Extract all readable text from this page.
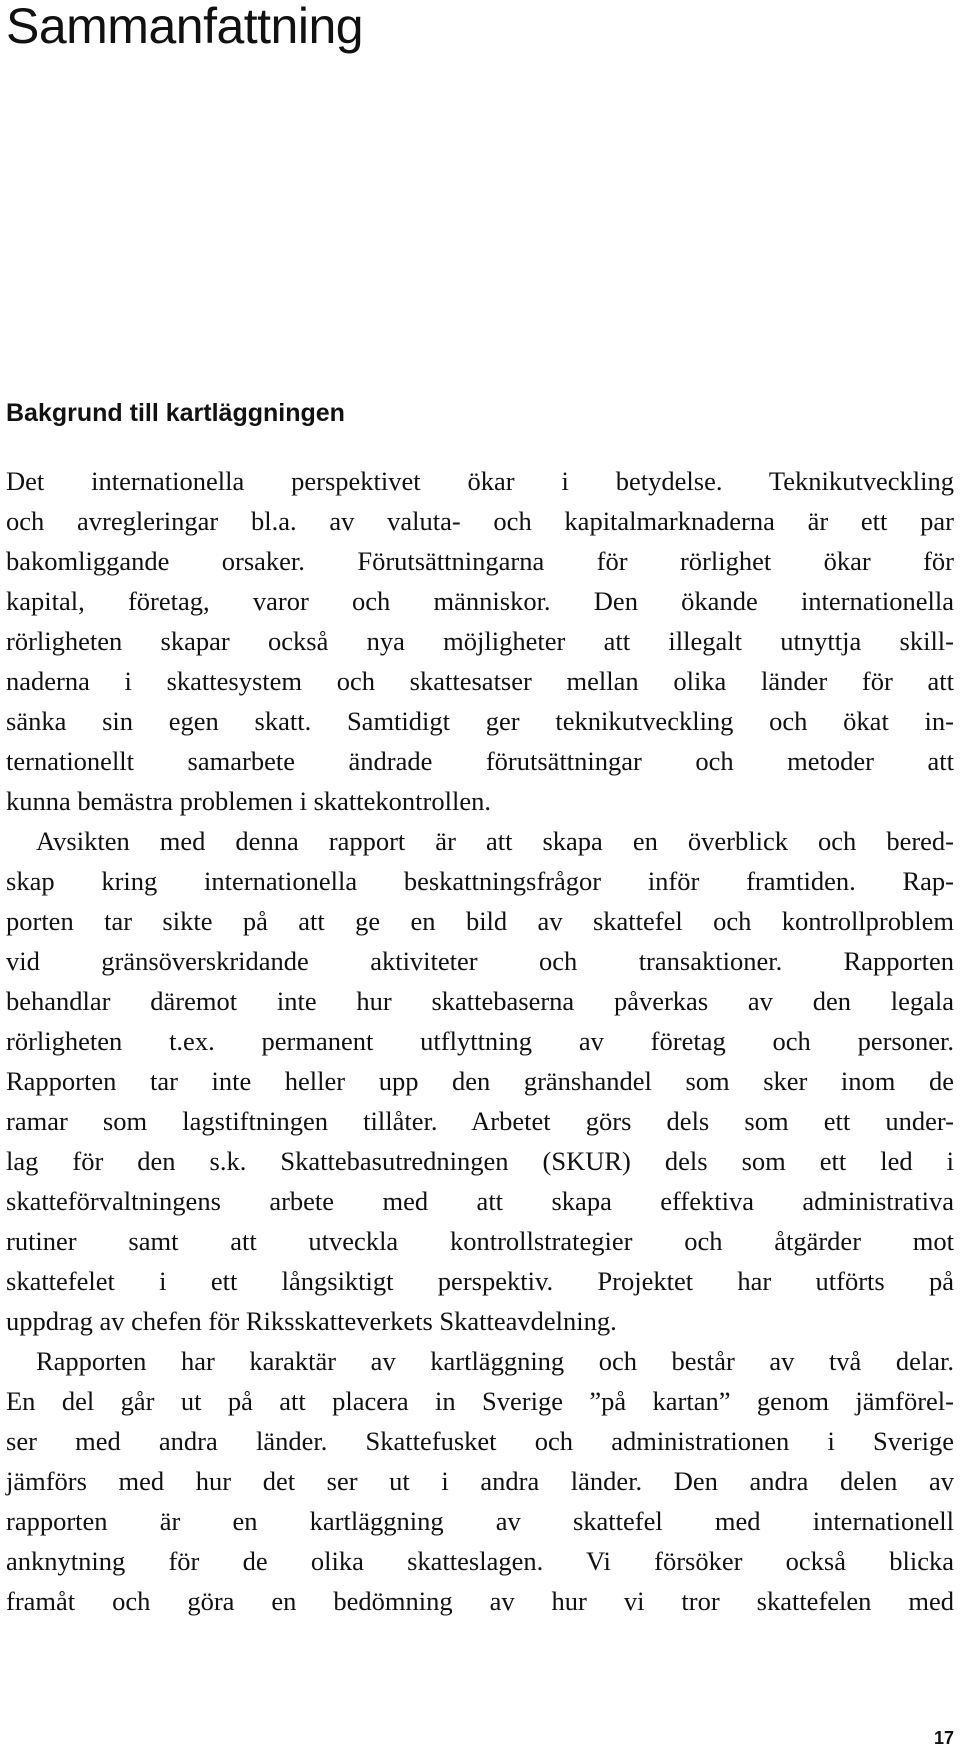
Sammanfattning
Bakgrund till kartläggningen

Det internationella perspektivet ökar i betydelse. Teknikutveckling

och avregleringar bl.a. av valuta- och kapitalmarknaderna är ett par

bakomliggande orsaker. Förutsättningarna för rörlighet ökar för

kapital, företag, varor och människor. Den ökande internationella

rörligheten skapar också nya möjligheter att illegalt utnyttja skill-

naderna i skattesystem och skattesatser mellan olika länder för att

sänka sin egen skatt. Samtidigt ger teknikutveckling och ökat in-

ternationellt samarbete ändrade förutsättningar och metoder att

kunna bemästra problemen i skattekontrollen.

Avsikten med denna rapport är att skapa en överblick och bered-

skap kring internationella beskattningsfrågor inför framtiden. Rap-

porten tar sikte på att ge en bild av skattefel och kontrollproblem

vid gränsöverskridande aktiviteter och transaktioner. Rapporten

behandlar däremot inte hur skattebaserna påverkas av den legala

rörligheten t.ex. permanent utflyttning av företag och personer.

Rapporten tar inte heller upp den gränshandel som sker inom de

ramar som lagstiftningen tillåter. Arbetet görs dels som ett under-

lag för den s.k. Skattebasutredningen (SKUR) dels som ett led i

skatteförvaltningens arbete med att skapa effektiva administrativa

rutiner samt att utveckla kontrollstrategier och åtgärder mot

skattefelet i ett långsiktigt perspektiv. Projektet har utförts på

uppdrag av chefen för Riksskatteverkets Skatteavdelning.

Rapporten har karaktär av kartläggning och består av två delar.

En del går ut på att placera in Sverige ”på kartan” genom jämförel-

ser med andra länder. Skattefusket och administrationen i Sverige

jämförs med hur det ser ut i andra länder. Den andra delen av

rapporten är en kartläggning av skattefel med internationell

anknytning för de olika skatteslagen. Vi försöker också blicka

framåt och göra en bedömning av hur vi tror skattefelen med

17
